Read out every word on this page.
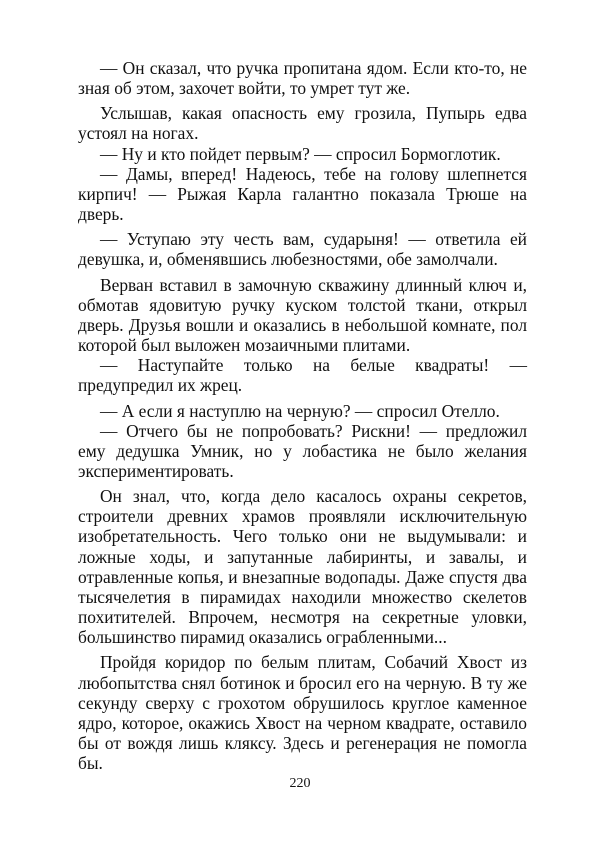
— Он сказал, что ручка пропитана ядом. Если кто-то, не зная об этом, захочет войти, то умрет тут же.

Услышав, какая опасность ему грозила, Пупырь едва устоял на ногах.

— Ну и кто пойдет первым? — спросил Бормоглотик.

— Дамы, вперед! Надеюсь, тебе на голову шлепнется кирпич! — Рыжая Карла галантно показала Трюше на дверь.

— Уступаю эту честь вам, сударыня! — ответила ей девушка, и, обменявшись любезностями, обе замолчали.

Верван вставил в замочную скважину длинный ключ и, обмотав ядовитую ручку куском толстой ткани, открыл дверь. Друзья вошли и оказались в небольшой комнате, пол которой был выложен мозаичными плитами.

— Наступайте только на белые квадраты! — предупредил их жрец.

— А если я наступлю на черную? — спросил Отелло.

— Отчего бы не попробовать? Рискни! — предложил ему дедушка Умник, но у лобастика не было желания экспериментировать.

Он знал, что, когда дело касалось охраны секретов, строители древних храмов проявляли исключительную изобретательность. Чего только они не выдумывали: и ложные ходы, и запутанные лабиринты, и завалы, и отравленные копья, и внезапные водопады. Даже спустя два тысячелетия в пирамидах находили множество скелетов похитителей. Впрочем, несмотря на секретные уловки, большинство пирамид оказались ограбленными...

Пройдя коридор по белым плитам, Собачий Хвост из любопытства снял ботинок и бросил его на черную. В ту же секунду сверху с грохотом обрушилось круглое каменное ядро, которое, окажись Хвост на черном квадрате, оставило бы от вождя лишь кляксу. Здесь и регенерация не помогла бы.

220
